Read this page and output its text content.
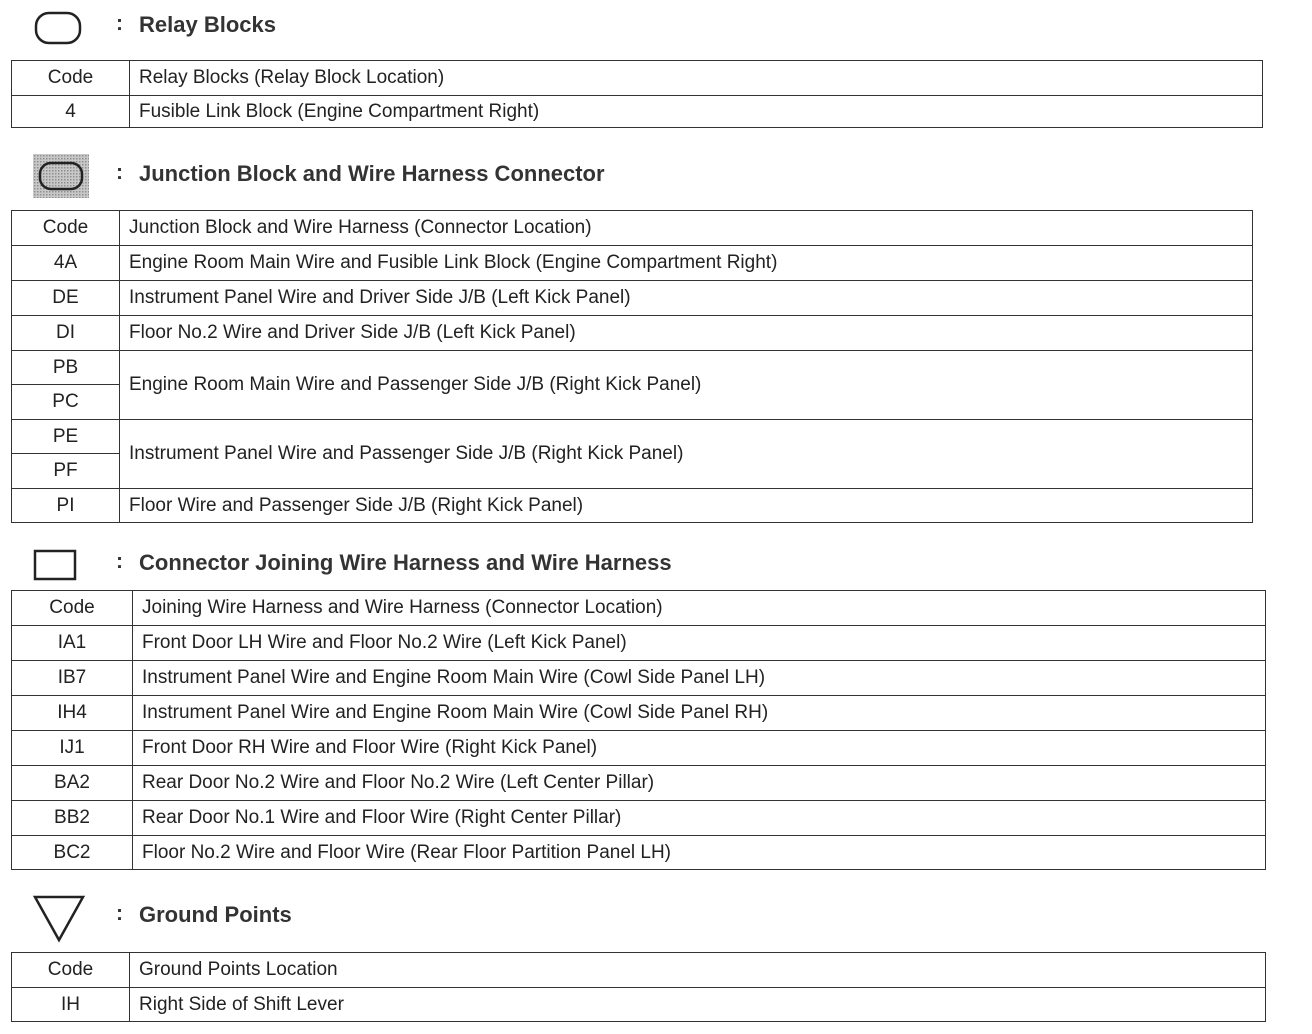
: Relay Blocks
Code	Relay Blocks (Relay Block Location)
4	Fusible Link Block (Engine Compartment Right)
: Junction Block and Wire Harness Connector
Code	Junction Block and Wire Harness (Connector Location)
4A	Engine Room Main Wire and Fusible Link Block (Engine Compartment Right)
DE	Instrument Panel Wire and Driver Side J/B (Left Kick Panel)
DI	Floor No.2 Wire and Driver Side J/B (Left Kick Panel)
PB	Engine Room Main Wire and Passenger Side J/B (Right Kick Panel)
PC	
PE	Instrument Panel Wire and Passenger Side J/B (Right Kick Panel)
PF	
PI	Floor Wire and Passenger Side J/B (Right Kick Panel)
: Connector Joining Wire Harness and Wire Harness
Code	Joining Wire Harness and Wire Harness (Connector Location)
IA1	Front Door LH Wire and Floor No.2 Wire (Left Kick Panel)
IB7	Instrument Panel Wire and Engine Room Main Wire (Cowl Side Panel LH)
IH4	Instrument Panel Wire and Engine Room Main Wire (Cowl Side Panel RH)
IJ1	Front Door RH Wire and Floor Wire (Right Kick Panel)
BA2	Rear Door No.2 Wire and Floor No.2 Wire (Left Center Pillar)
BB2	Rear Door No.1 Wire and Floor Wire (Right Center Pillar)
BC2	Floor No.2 Wire and Floor Wire (Rear Floor Partition Panel LH)
: Ground Points
Code	Ground Points Location
IH	Right Side of Shift Lever
